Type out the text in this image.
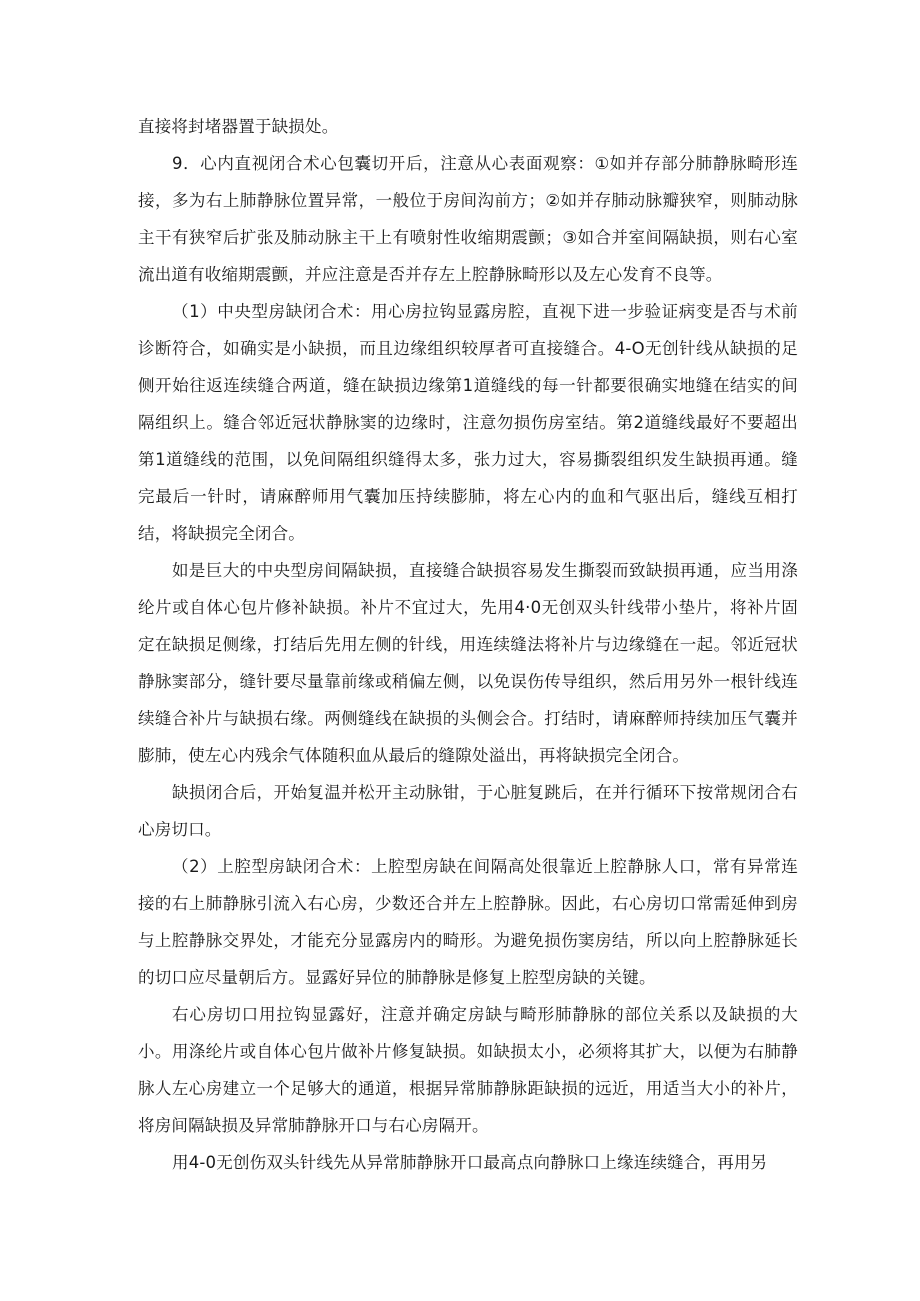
直接将封堵器置于缺损处。

9．心内直视闭合术心包囊切开后，注意从心表面观察：①如并存部分肺静脉畸形连接，多为右上肺静脉位置异常，一般位于房间沟前方；②如并存肺动脉瓣狭窄，则肺动脉主干有狭窄后扩张及肺动脉主干上有喷射性收缩期震颤；③如合并室间隔缺损，则右心室流出道有收缩期震颤，并应注意是否并存左上腔静脉畸形以及左心发育不良等。

（1）中央型房缺闭合术：用心房拉钩显露房腔，直视下进一步验证病变是否与术前诊断符合，如确实是小缺损，而且边缘组织较厚者可直接缝合。4-O无创针线从缺损的足侧开始往返连续缝合两道，缝在缺损边缘第1道缝线的每一针都要很确实地缝在结实的间隔组织上。缝合邻近冠状静脉窦的边缘时，注意勿损伤房室结。第2道缝线最好不要超出第1道缝线的范围，以免间隔组织缝得太多，张力过大，容易撕裂组织发生缺损再通。缝完最后一针时，请麻醉师用气囊加压持续膨肺，将左心内的血和气驱出后，缝线互相打结，将缺损完全闭合。

如是巨大的中央型房间隔缺损，直接缝合缺损容易发生撕裂而致缺损再通，应当用涤纶片或自体心包片修补缺损。补片不宜过大，先用4·0无创双头针线带小垫片，将补片固定在缺损足侧缘，打结后先用左侧的针线，用连续缝法将补片与边缘缝在一起。邻近冠状静脉窦部分，缝针要尽量靠前缘或稍偏左侧，以免误伤传导组织，然后用另外一根针线连续缝合补片与缺损右缘。两侧缝线在缺损的头侧会合。打结时，请麻醉师持续加压气囊并膨肺，使左心内残余气体随积血从最后的缝隙处溢出，再将缺损完全闭合。

缺损闭合后，开始复温并松开主动脉钳，于心脏复跳后，在并行循环下按常规闭合右心房切口。

（2）上腔型房缺闭合术：上腔型房缺在间隔高处很靠近上腔静脉人口，常有异常连接的右上肺静脉引流入右心房，少数还合并左上腔静脉。因此，右心房切口常需延伸到房与上腔静脉交界处，才能充分显露房内的畸形。为避免损伤窦房结，所以向上腔静脉延长的切口应尽量朝后方。显露好异位的肺静脉是修复上腔型房缺的关键。

右心房切口用拉钩显露好，注意并确定房缺与畸形肺静脉的部位关系以及缺损的大小。用涤纶片或自体心包片做补片修复缺损。如缺损太小，必须将其扩大，以便为右肺静脉人左心房建立一个足够大的通道，根据异常肺静脉距缺损的远近，用适当大小的补片，将房间隔缺损及异常肺静脉开口与右心房隔开。

用4-0无创伤双头针线先从异常肺静脉开口最高点向静脉口上缘连续缝合，再用另
